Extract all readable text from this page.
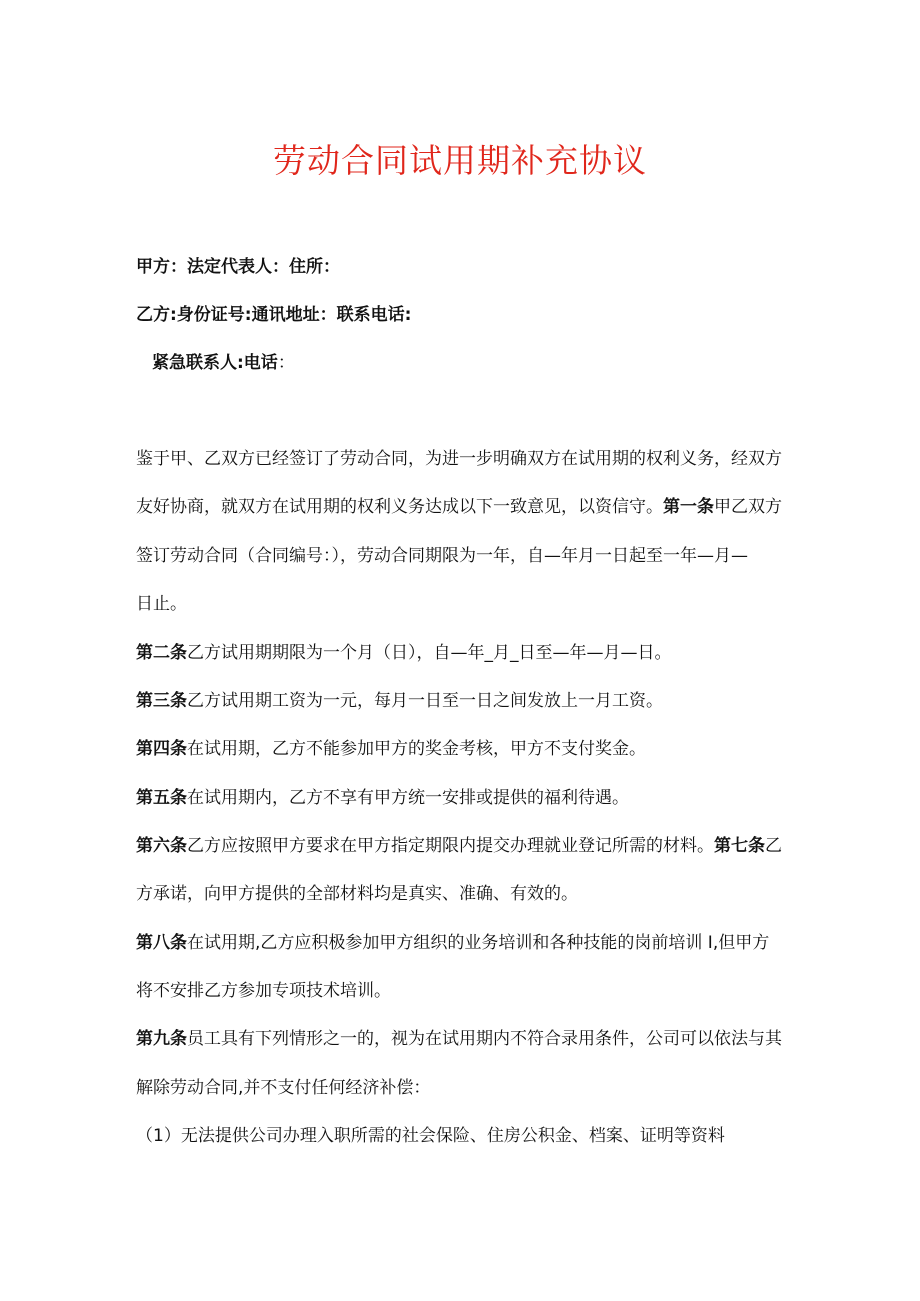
劳动合同试用期补充协议
甲方：法定代表人：住所：
乙方:身份证号:通讯地址：联系电话:
紧急联系人:电话：
鉴于甲、乙双方已经签订了劳动合同，为进一步明确双方在试用期的权利义务，经双方
友好协商，就双方在试用期的权利义务达成以下一致意见，以资信守。第一条甲乙双方
签订劳动合同（合同编号：），劳动合同期限为一年，自—年月一日起至一年—月—
日止。
第二条乙方试用期期限为一个月（日），自—年_月_日至—年—月—日。
第三条乙方试用期工资为一元，每月一日至一日之间发放上一月工资。
第四条在试用期，乙方不能参加甲方的奖金考核，甲方不支付奖金。
第五条在试用期内，乙方不享有甲方统一安排或提供的福利待遇。
第六条乙方应按照甲方要求在甲方指定期限内提交办理就业登记所需的材料。第七条乙
方承诺，向甲方提供的全部材料均是真实、准确、有效的。
第八条在试用期,乙方应积极参加甲方组织的业务培训和各种技能的岗前培训 I,但甲方
将不安排乙方参加专项技术培训。
第九条员工具有下列情形之一的，视为在试用期内不符合录用条件，公司可以依法与其
解除劳动合同,并不支付任何经济补偿：
（1）无法提供公司办理入职所需的社会保险、住房公积金、档案、证明等资料
